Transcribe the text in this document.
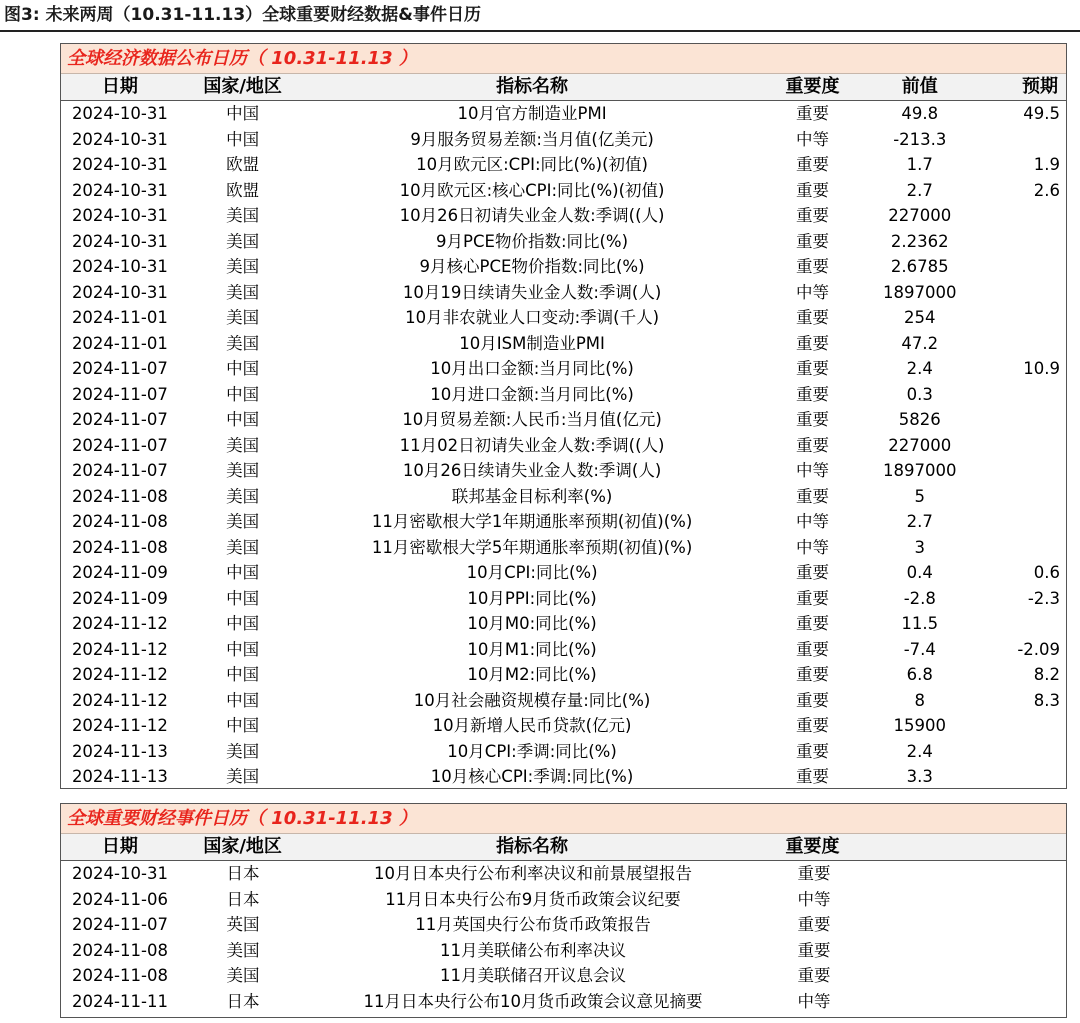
图3: 未来两周（10.31-11.13）全球重要财经数据&事件日历
全球经济数据公布日历（ 10.31-11.13 ）
日期	国家/地区	指标名称	重要度	前值	预期
2024-10-31	中国	10月官方制造业PMI	重要	49.8	49.5
2024-10-31	中国	9月服务贸易差额:当月值(亿美元)	中等	-213.3
2024-10-31	欧盟	10月欧元区:CPI:同比(%)(初值)	重要	1.7	1.9
2024-10-31	欧盟	10月欧元区:核心CPI:同比(%)(初值)	重要	2.7	2.6
2024-10-31	美国	10月26日初请失业金人数:季调((人)	重要	227000
2024-10-31	美国	9月PCE物价指数:同比(%)	重要	2.2362
2024-10-31	美国	9月核心PCE物价指数:同比(%)	重要	2.6785
2024-10-31	美国	10月19日续请失业金人数:季调(人)	中等	1897000
2024-11-01	美国	10月非农就业人口变动:季调(千人)	重要	254
2024-11-01	美国	10月ISM制造业PMI	重要	47.2
2024-11-07	中国	10月出口金额:当月同比(%)	重要	2.4	10.9
2024-11-07	中国	10月进口金额:当月同比(%)	重要	0.3
2024-11-07	中国	10月贸易差额:人民币:当月值(亿元)	重要	5826
2024-11-07	美国	11月02日初请失业金人数:季调((人)	重要	227000
2024-11-07	美国	10月26日续请失业金人数:季调(人)	中等	1897000
2024-11-08	美国	联邦基金目标利率(%)	重要	5
2024-11-08	美国	11月密歇根大学1年期通胀率预期(初值)(%)	中等	2.7
2024-11-08	美国	11月密歇根大学5年期通胀率预期(初值)(%)	中等	3
2024-11-09	中国	10月CPI:同比(%)	重要	0.4	0.6
2024-11-09	中国	10月PPI:同比(%)	重要	-2.8	-2.3
2024-11-12	中国	10月M0:同比(%)	重要	11.5
2024-11-12	中国	10月M1:同比(%)	重要	-7.4	-2.09
2024-11-12	中国	10月M2:同比(%)	重要	6.8	8.2
2024-11-12	中国	10月社会融资规模存量:同比(%)	重要	8	8.3
2024-11-12	中国	10月新增人民币贷款(亿元)	重要	15900
2024-11-13	美国	10月CPI:季调:同比(%)	重要	2.4
2024-11-13	美国	10月核心CPI:季调:同比(%)	重要	3.3
全球重要财经事件日历（ 10.31-11.13 ）
日期	国家/地区	指标名称	重要度
2024-10-31	日本	10月日本央行公布利率决议和前景展望报告	重要
2024-11-06	日本	11月日本央行公布9月货币政策会议纪要	中等
2024-11-07	英国	11月英国央行公布货币政策报告	重要
2024-11-08	美国	11月美联储公布利率决议	重要
2024-11-08	美国	11月美联储召开议息会议	重要
2024-11-11	日本	11月日本央行公布10月货币政策会议意见摘要	中等
